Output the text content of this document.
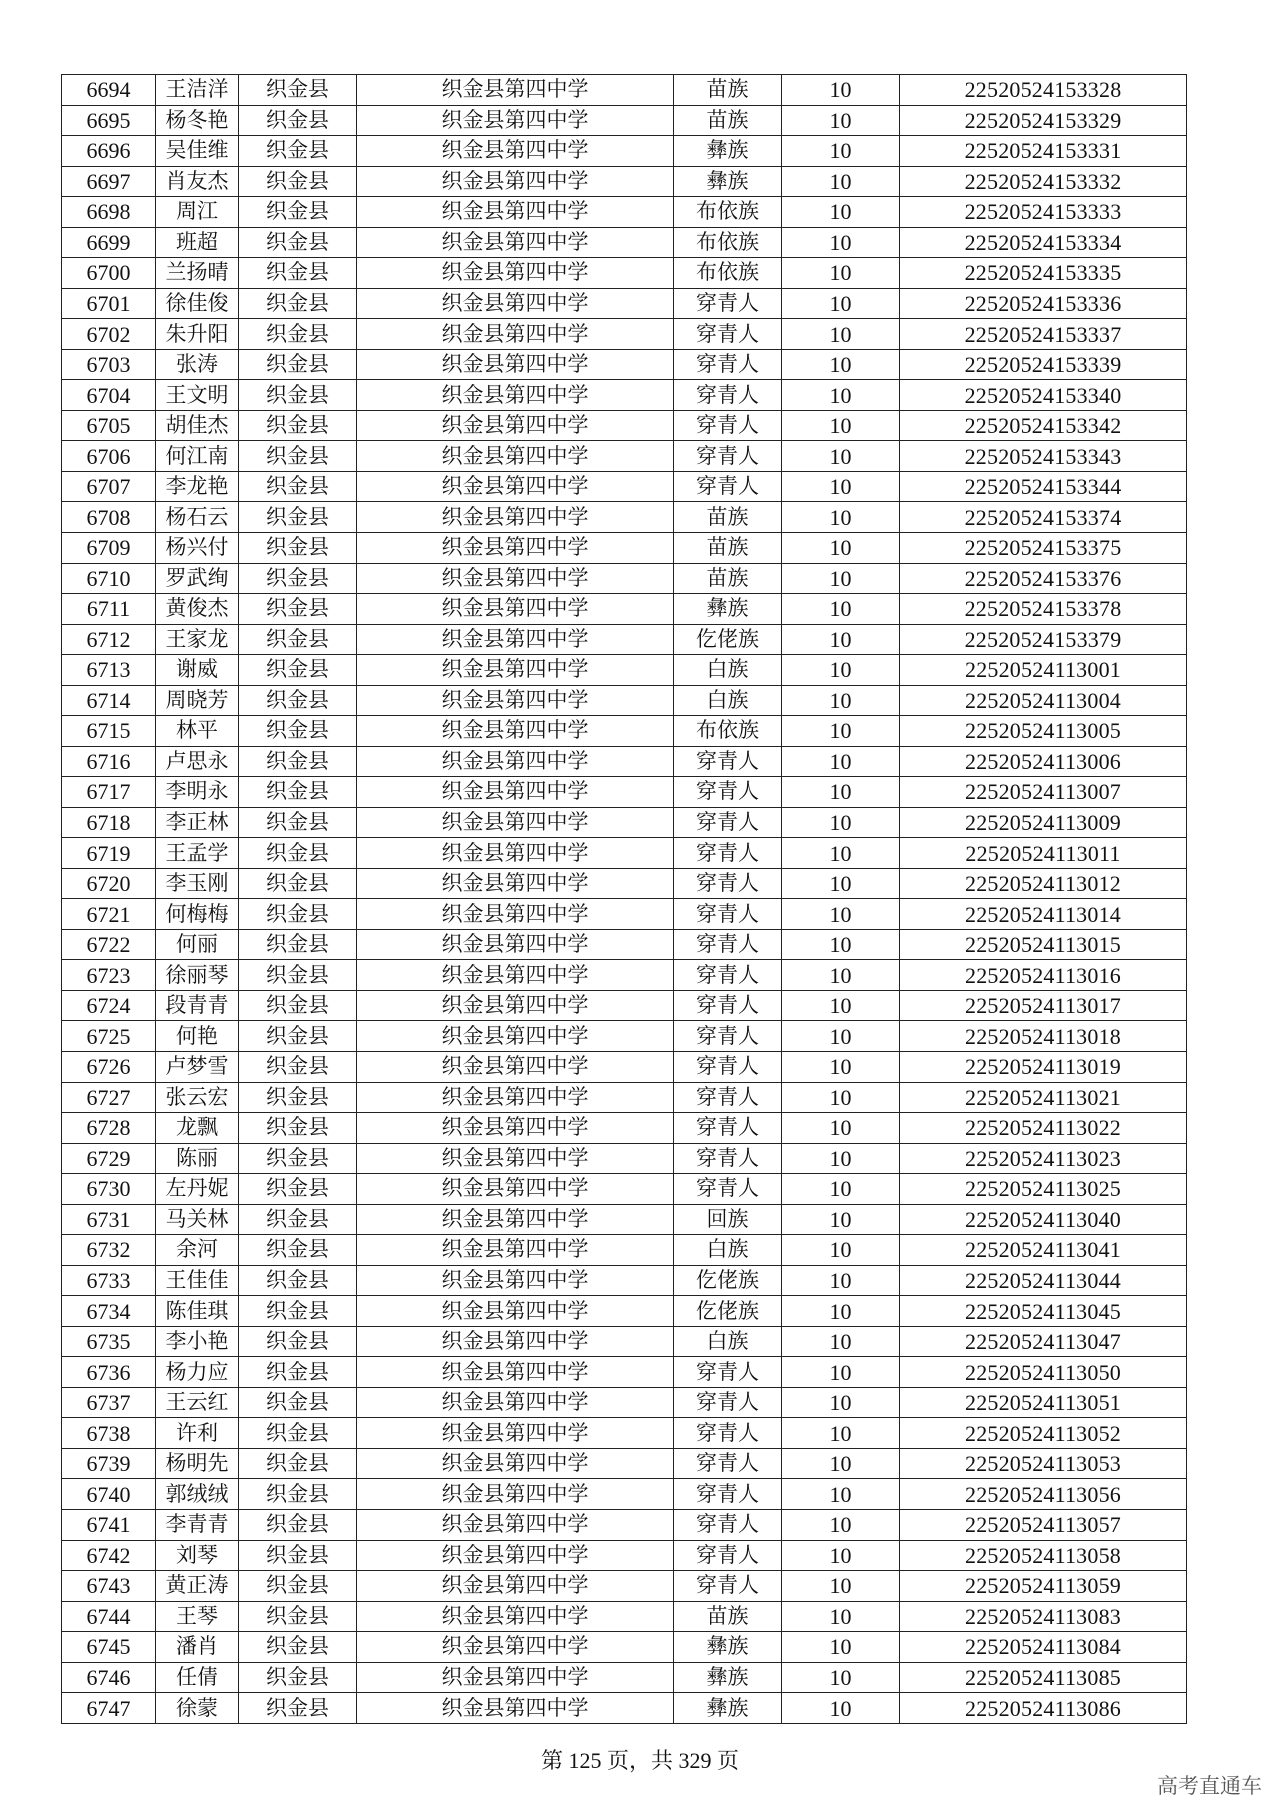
6694	王洁洋	织金县	织金县第四中学	苗族	10	22520524153328
6695	杨冬艳	织金县	织金县第四中学	苗族	10	22520524153329
6696	吴佳维	织金县	织金县第四中学	彝族	10	22520524153331
6697	肖友杰	织金县	织金县第四中学	彝族	10	22520524153332
6698	周江	织金县	织金县第四中学	布依族	10	22520524153333
6699	班超	织金县	织金县第四中学	布依族	10	22520524153334
6700	兰扬晴	织金县	织金县第四中学	布依族	10	22520524153335
6701	徐佳俊	织金县	织金县第四中学	穿青人	10	22520524153336
6702	朱升阳	织金县	织金县第四中学	穿青人	10	22520524153337
6703	张涛	织金县	织金县第四中学	穿青人	10	22520524153339
6704	王文明	织金县	织金县第四中学	穿青人	10	22520524153340
6705	胡佳杰	织金县	织金县第四中学	穿青人	10	22520524153342
6706	何江南	织金县	织金县第四中学	穿青人	10	22520524153343
6707	李龙艳	织金县	织金县第四中学	穿青人	10	22520524153344
6708	杨石云	织金县	织金县第四中学	苗族	10	22520524153374
6709	杨兴付	织金县	织金县第四中学	苗族	10	22520524153375
6710	罗武绚	织金县	织金县第四中学	苗族	10	22520524153376
6711	黄俊杰	织金县	织金县第四中学	彝族	10	22520524153378
6712	王家龙	织金县	织金县第四中学	仡佬族	10	22520524153379
6713	谢威	织金县	织金县第四中学	白族	10	22520524113001
6714	周晓芳	织金县	织金县第四中学	白族	10	22520524113004
6715	林平	织金县	织金县第四中学	布依族	10	22520524113005
6716	卢思永	织金县	织金县第四中学	穿青人	10	22520524113006
6717	李明永	织金县	织金县第四中学	穿青人	10	22520524113007
6718	李正林	织金县	织金县第四中学	穿青人	10	22520524113009
6719	王孟学	织金县	织金县第四中学	穿青人	10	22520524113011
6720	李玉刚	织金县	织金县第四中学	穿青人	10	22520524113012
6721	何梅梅	织金县	织金县第四中学	穿青人	10	22520524113014
6722	何丽	织金县	织金县第四中学	穿青人	10	22520524113015
6723	徐丽琴	织金县	织金县第四中学	穿青人	10	22520524113016
6724	段青青	织金县	织金县第四中学	穿青人	10	22520524113017
6725	何艳	织金县	织金县第四中学	穿青人	10	22520524113018
6726	卢梦雪	织金县	织金县第四中学	穿青人	10	22520524113019
6727	张云宏	织金县	织金县第四中学	穿青人	10	22520524113021
6728	龙飘	织金县	织金县第四中学	穿青人	10	22520524113022
6729	陈丽	织金县	织金县第四中学	穿青人	10	22520524113023
6730	左丹妮	织金县	织金县第四中学	穿青人	10	22520524113025
6731	马关林	织金县	织金县第四中学	回族	10	22520524113040
6732	余河	织金县	织金县第四中学	白族	10	22520524113041
6733	王佳佳	织金县	织金县第四中学	仡佬族	10	22520524113044
6734	陈佳琪	织金县	织金县第四中学	仡佬族	10	22520524113045
6735	李小艳	织金县	织金县第四中学	白族	10	22520524113047
6736	杨力应	织金县	织金县第四中学	穿青人	10	22520524113050
6737	王云红	织金县	织金县第四中学	穿青人	10	22520524113051
6738	许利	织金县	织金县第四中学	穿青人	10	22520524113052
6739	杨明先	织金县	织金县第四中学	穿青人	10	22520524113053
6740	郭绒绒	织金县	织金县第四中学	穿青人	10	22520524113056
6741	李青青	织金县	织金县第四中学	穿青人	10	22520524113057
6742	刘琴	织金县	织金县第四中学	穿青人	10	22520524113058
6743	黄正涛	织金县	织金县第四中学	穿青人	10	22520524113059
6744	王琴	织金县	织金县第四中学	苗族	10	22520524113083
6745	潘肖	织金县	织金县第四中学	彝族	10	22520524113084
6746	任倩	织金县	织金县第四中学	彝族	10	22520524113085
6747	徐蒙	织金县	织金县第四中学	彝族	10	22520524113086
第 125 页，共 329 页
高考直通车
